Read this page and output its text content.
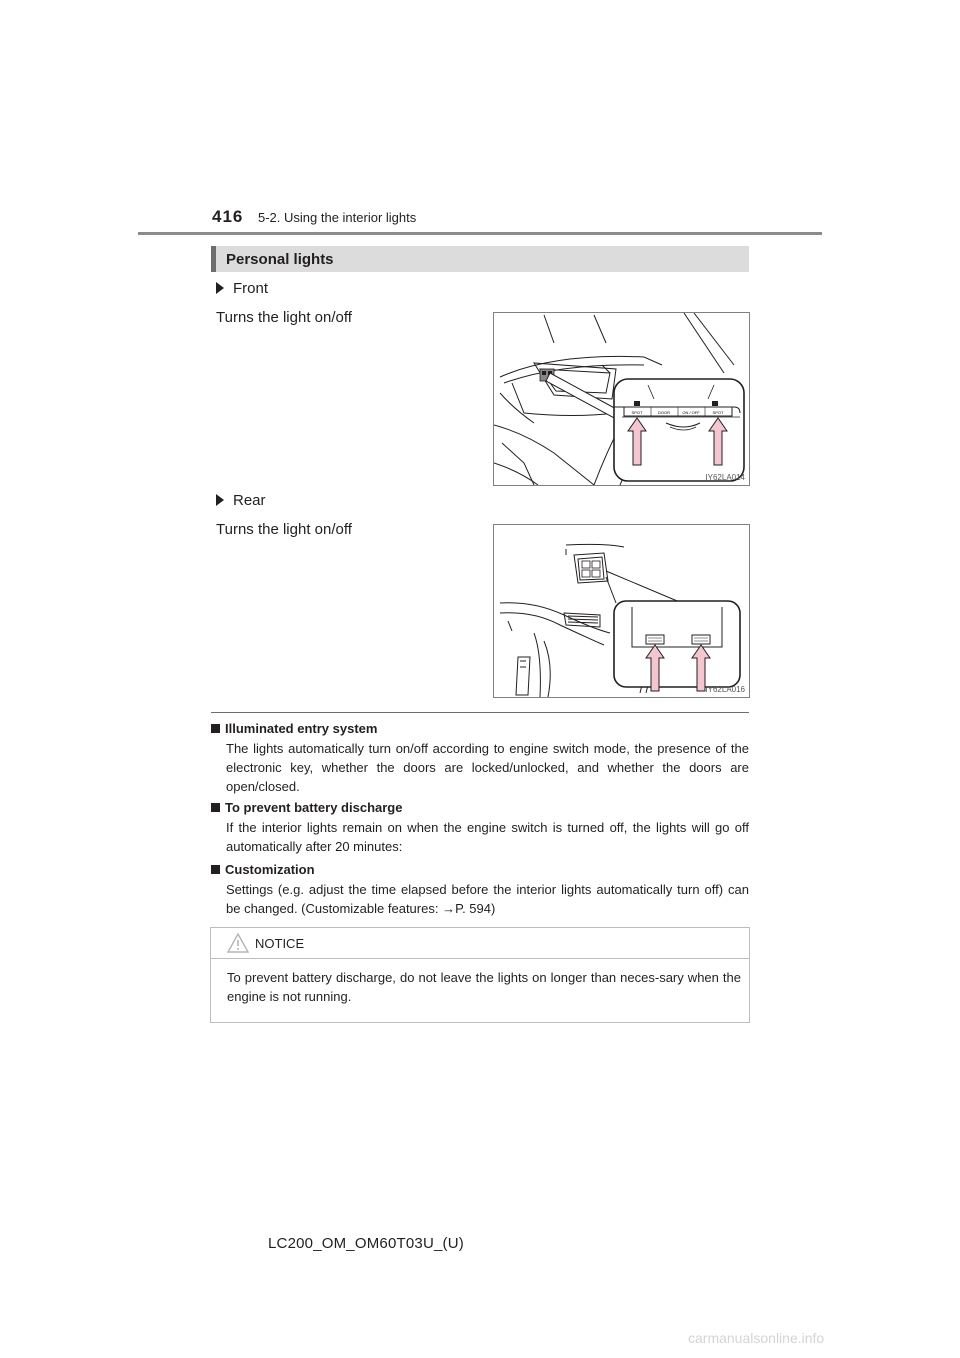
416 5-2. Using the interior lights
Personal lights
Front
Turns the light on/off
SPOT	DOOR	ON / OFF	SPOT
IY62LA014
Rear
Turns the light on/off
IY62LA016
Illuminated entry system
The lights automatically turn on/off according to engine switch mode, the presence of the electronic key, whether the doors are locked/unlocked, and whether the doors are open/closed.
To prevent battery discharge
If the interior lights remain on when the engine switch is turned off, the lights will go off automatically after 20 minutes:
Customization
Settings (e.g. adjust the time elapsed before the interior lights automatically turn off) can be changed. (Customizable features: →P. 594)
NOTICE
To prevent battery discharge, do not leave the lights on longer than neces-sary when the engine is not running.
LC200_OM_OM60T03U_(U)
carmanualsonline.info
